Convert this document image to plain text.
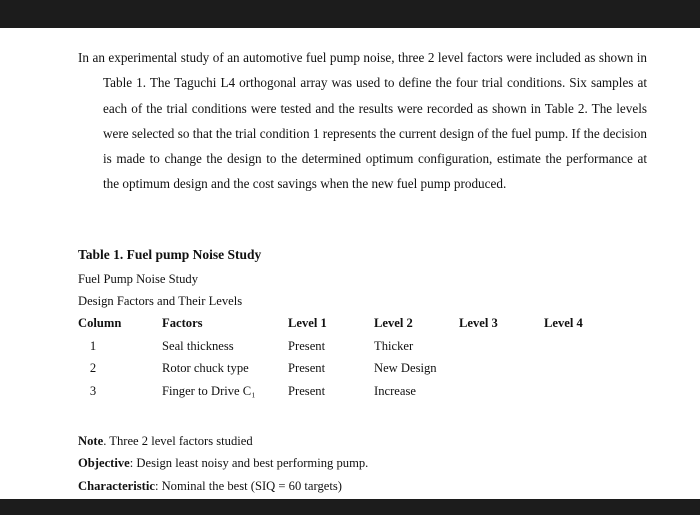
In an experimental study of an automotive fuel pump noise, three 2 level factors were included as shown in Table 1. The Taguchi L4 orthogonal array was used to define the four trial conditions. Six samples at each of the trial conditions were tested and the results were recorded as shown in Table 2. The levels were selected so that the trial condition 1 represents the current design of the fuel pump. If the decision is made to change the design to the determined optimum configuration, estimate the performance at the optimum design and the cost savings when the new fuel pump produced.
Table 1. Fuel pump Noise Study
Fuel Pump Noise Study
Design Factors and Their Levels
Column	Factors	Level 1	Level 2	Level 3	Level 4
1	Seal thickness	Present	Thicker
2	Rotor chuck type	Present	New Design
3	Finger to Drive C₁	Present	Increase
Note. Three 2 level factors studied
Objective: Design least noisy and best performing pump.
Characteristic: Nominal the best (SIQ = 60 targets)
